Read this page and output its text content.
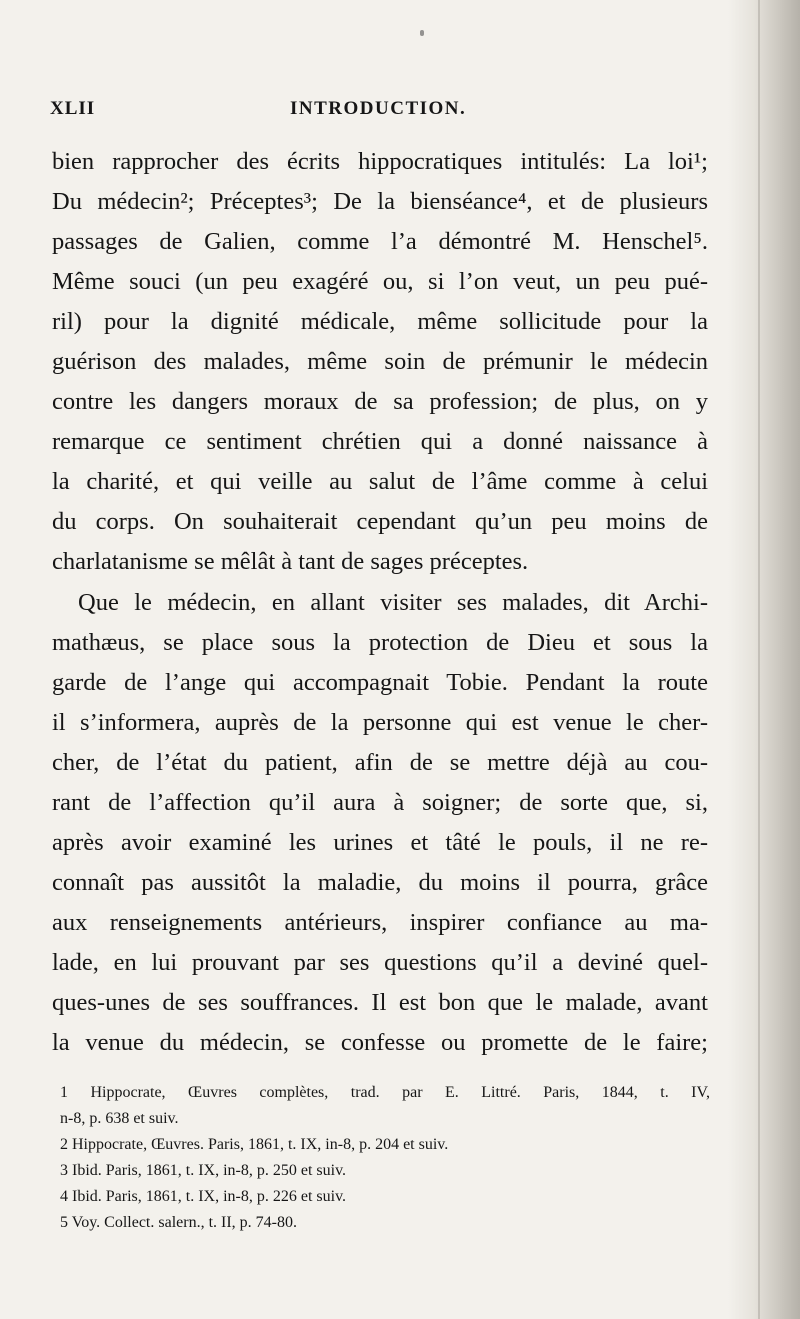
XLII	INTRODUCTION.
bien rapprocher des écrits hippocratiques intitulés: La loi¹;
Du médecin²; Préceptes³; De la bienséance⁴, et de plusieurs
passages de Galien, comme l’a démontré M. Henschel⁵.
Même souci (un peu exagéré ou, si l’on veut, un peu pué-
ril) pour la dignité médicale, même sollicitude pour la
guérison des malades, même soin de prémunir le médecin
contre les dangers moraux de sa profession; de plus, on y
remarque ce sentiment chrétien qui a donné naissance à
la charité, et qui veille au salut de l’âme comme à celui
du corps. On souhaiterait cependant qu’un peu moins de
charlatanisme se mêlât à tant de sages préceptes.
Que le médecin, en allant visiter ses malades, dit Archi-
mathæus, se place sous la protection de Dieu et sous la
garde de l’ange qui accompagnait Tobie. Pendant la route
il s’informera, auprès de la personne qui est venue le cher-
cher, de l’état du patient, afin de se mettre déjà au cou-
rant de l’affection qu’il aura à soigner; de sorte que, si,
après avoir examiné les urines et tâté le pouls, il ne re-
connaît pas aussitôt la maladie, du moins il pourra, grâce
aux renseignements antérieurs, inspirer confiance au ma-
lade, en lui prouvant par ses questions qu’il a deviné quel-
ques-unes de ses souffrances. Il est bon que le malade, avant
la venue du médecin, se confesse ou promette de le faire;
1 Hippocrate, Œuvres complètes, trad. par E. Littré. Paris, 1844, t. IV,
n-8, p. 638 et suiv.
2 Hippocrate, Œuvres. Paris, 1861, t. IX, in-8, p. 204 et suiv.
3 Ibid. Paris, 1861, t. IX, in-8, p. 250 et suiv.
4 Ibid. Paris, 1861, t. IX, in-8, p. 226 et suiv.
5 Voy. Collect. salern., t. II, p. 74-80.
